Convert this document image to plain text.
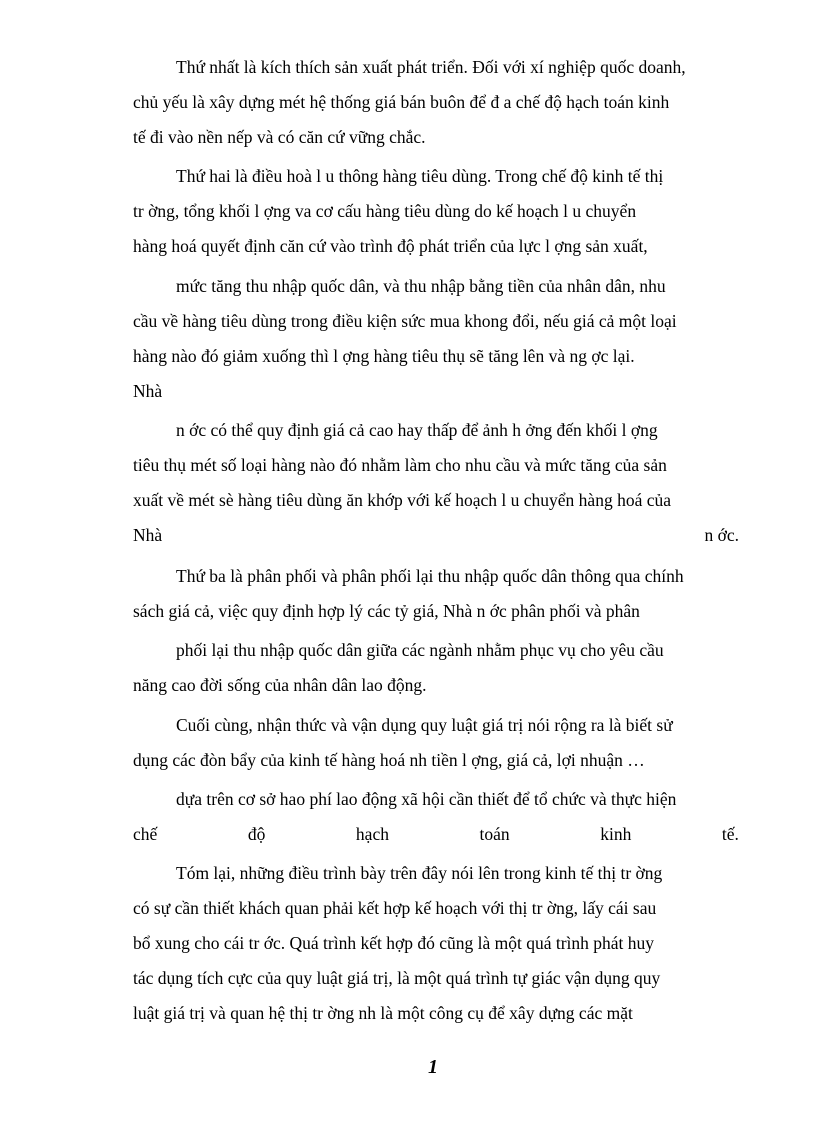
Thứ nhất là kích thích sản xuất phát triển. Đối với xí nghiệp quốc doanh,
chủ yếu là xây dựng mét hệ thống giá bán buôn để đ a chế độ hạch toán kinh
tế đi vào nền nếp và có căn cứ vững chắc.
Thứ hai là điều hoà l u thông hàng tiêu dùng. Trong chế độ kinh tế thị
tr ờng, tổng khối l ợng va cơ cấu hàng tiêu dùng do kế hoạch l u chuyển
hàng hoá quyết định căn cứ vào trình độ phát triển của lực l ợng sản xuất,
mức tăng thu nhập quốc dân, và thu nhập bằng tiền của nhân dân, nhu
cầu về hàng tiêu dùng trong điều kiện sức mua khong đổi, nếu giá cả một loại
hàng nào đó giảm xuống thì l ợng hàng tiêu thụ sẽ tăng lên và ng ợc lại.
Nhà
n ớc có thể quy định giá cả cao hay thấp để ảnh h ởng đến khối l ợng
tiêu thụ mét số loại hàng nào đó nhằm làm cho nhu cầu và mức tăng của sản
xuất về mét sè hàng tiêu dùng ăn khớp với kế hoạch l u chuyển hàng hoá của
Nhà	n ớc.
Thứ ba là phân phối và phân phối lại thu nhập quốc dân thông qua chính
sách giá cả, việc quy định hợp lý các tỷ giá, Nhà n ớc phân phối và phân
phối lại thu nhập quốc dân giữa các ngành nhằm phục vụ cho yêu cầu
năng cao đời sống của nhân dân lao động.
Cuối cùng, nhận thức và vận dụng quy luật giá trị nói rộng ra là biết sử
dụng các đòn bẩy của kinh tế hàng hoá nh tiền l ợng, giá cả, lợi nhuận …
dựa trên cơ sở hao phí lao động xã hội cần thiết để tổ chức và thực hiện
chế	độ	hạch	toán	kinh	tế.
Tóm lại, những điều trình bày trên đây nói lên trong kinh tế thị tr ờng
có sự cần thiết khách quan phải kết hợp kế hoạch với thị tr ờng, lấy cái sau
bổ xung cho cái tr ớc. Quá trình kết hợp đó cũng là một quá trình phát huy
tác dụng tích cực của quy luật giá trị, là một quá trình tự giác vận dụng quy
luật giá trị và quan hệ thị tr ờng nh là một công cụ để xây dựng các mặt
1
